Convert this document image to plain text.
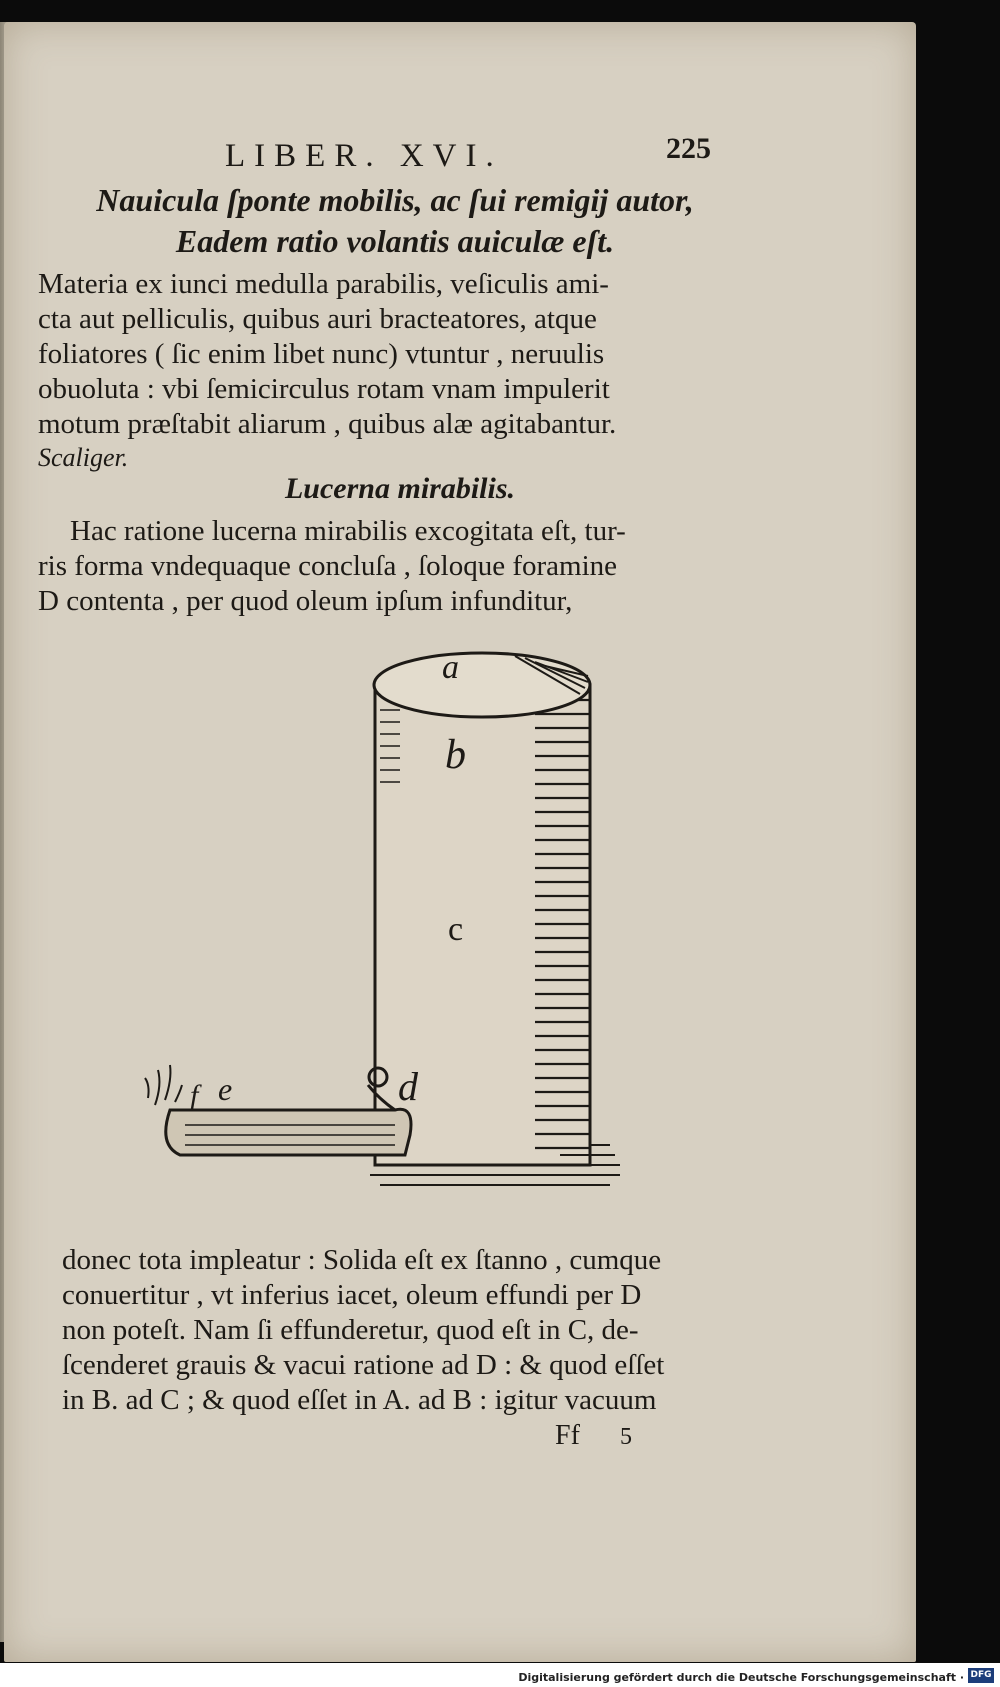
LIBER. XVI.	225
Nauicula ſponte mobilis, ac ſui remigij autor,
Eadem ratio volantis auiculæ eſt.
Materia ex iunci medulla parabilis, veſiculis ami-
cta aut pelliculis, quibus auri bracteatores, atque
foliatores ( ſic enim libet nunc) vtuntur , neruulis
obuoluta : vbi ſemicirculus rotam vnam impulerit
motum præſtabit aliarum , quibus alæ agitabantur.
Scaliger.
Lucerna mirabilis.
Hac ratione lucerna mirabilis excogitata eſt, tur-
ris forma vndequaque concluſa , ſoloque foramine
D contenta , per quod oleum ipſum infunditur,
a
b
c
d
e
f
donec tota impleatur : Solida eſt ex ſtanno , cumque
conuertitur , vt inferius iacet, oleum effundi per D
non poteſt. Nam ſi effunderetur, quod eſt in C, de-
ſcenderet grauis & vacui ratione ad D : & quod eſſet
in B. ad C ; & quod eſſet in A. ad B : igitur vacuum
Ff 5
Digitalisierung gefördert durch die Deutsche Forschungsgemeinschaft · DFG
